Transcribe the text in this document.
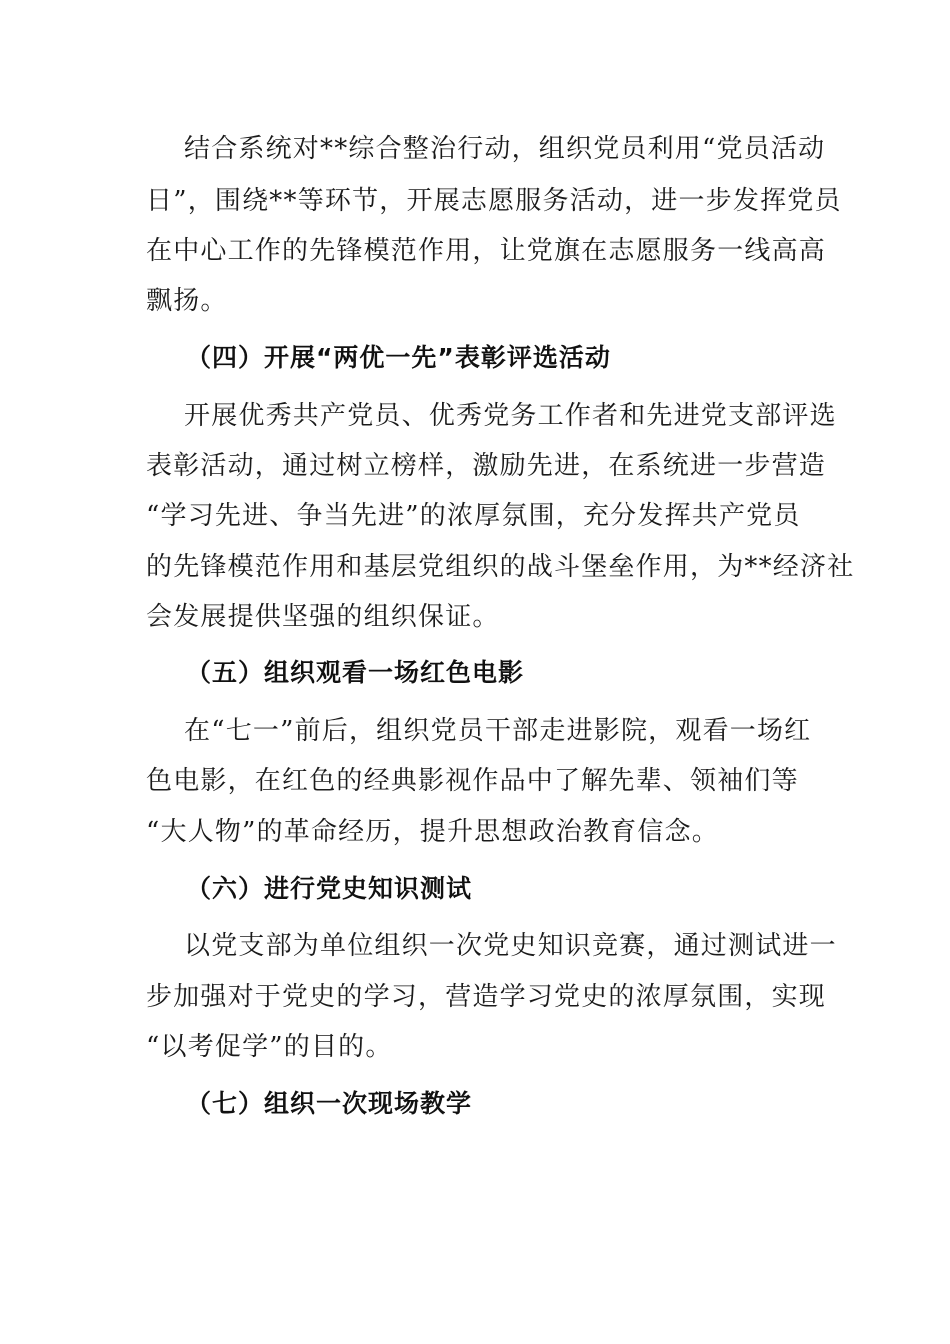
结合系统对**综合整治行动，组织党员利用“党员活动
日”，围绕**等环节，开展志愿服务活动，进一步发挥党员
在中心工作的先锋模范作用，让党旗在志愿服务一线高高
飘扬。
（四）开展“两优一先”表彰评选活动
开展优秀共产党员、优秀党务工作者和先进党支部评选
表彰活动，通过树立榜样，激励先进，在系统进一步营造
“学习先进、争当先进”的浓厚氛围，充分发挥共产党员
的先锋模范作用和基层党组织的战斗堡垒作用，为**经济社
会发展提供坚强的组织保证。
（五）组织观看一场红色电影
在“七一”前后，组织党员干部走进影院，观看一场红
色电影，在红色的经典影视作品中了解先辈、领袖们等
“大人物”的革命经历，提升思想政治教育信念。
（六）进行党史知识测试
以党支部为单位组织一次党史知识竞赛，通过测试进一
步加强对于党史的学习，营造学习党史的浓厚氛围，实现
“以考促学”的目的。
（七）组织一次现场教学
